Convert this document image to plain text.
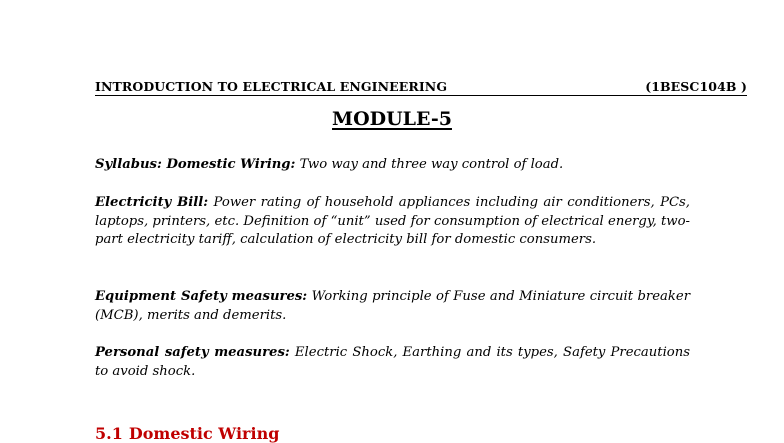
INTRODUCTION TO ELECTRICAL ENGINEERING	(1BESC104B )
MODULE-5

Syllabus: Domestic Wiring: Two way and three way control of load.

Electricity Bill: Power rating of household appliances including air conditioners, PCs, laptops, printers, etc. Definition of “unit” used for consumption of electrical energy, two-part electricity tariff, calculation of electricity bill for domestic consumers.

Equipment Safety measures: Working principle of Fuse and Miniature circuit breaker (MCB), merits and demerits.

Personal safety measures: Electric Shock, Earthing and its types, Safety Precautions to avoid shock.

5.1 Domestic Wiring
